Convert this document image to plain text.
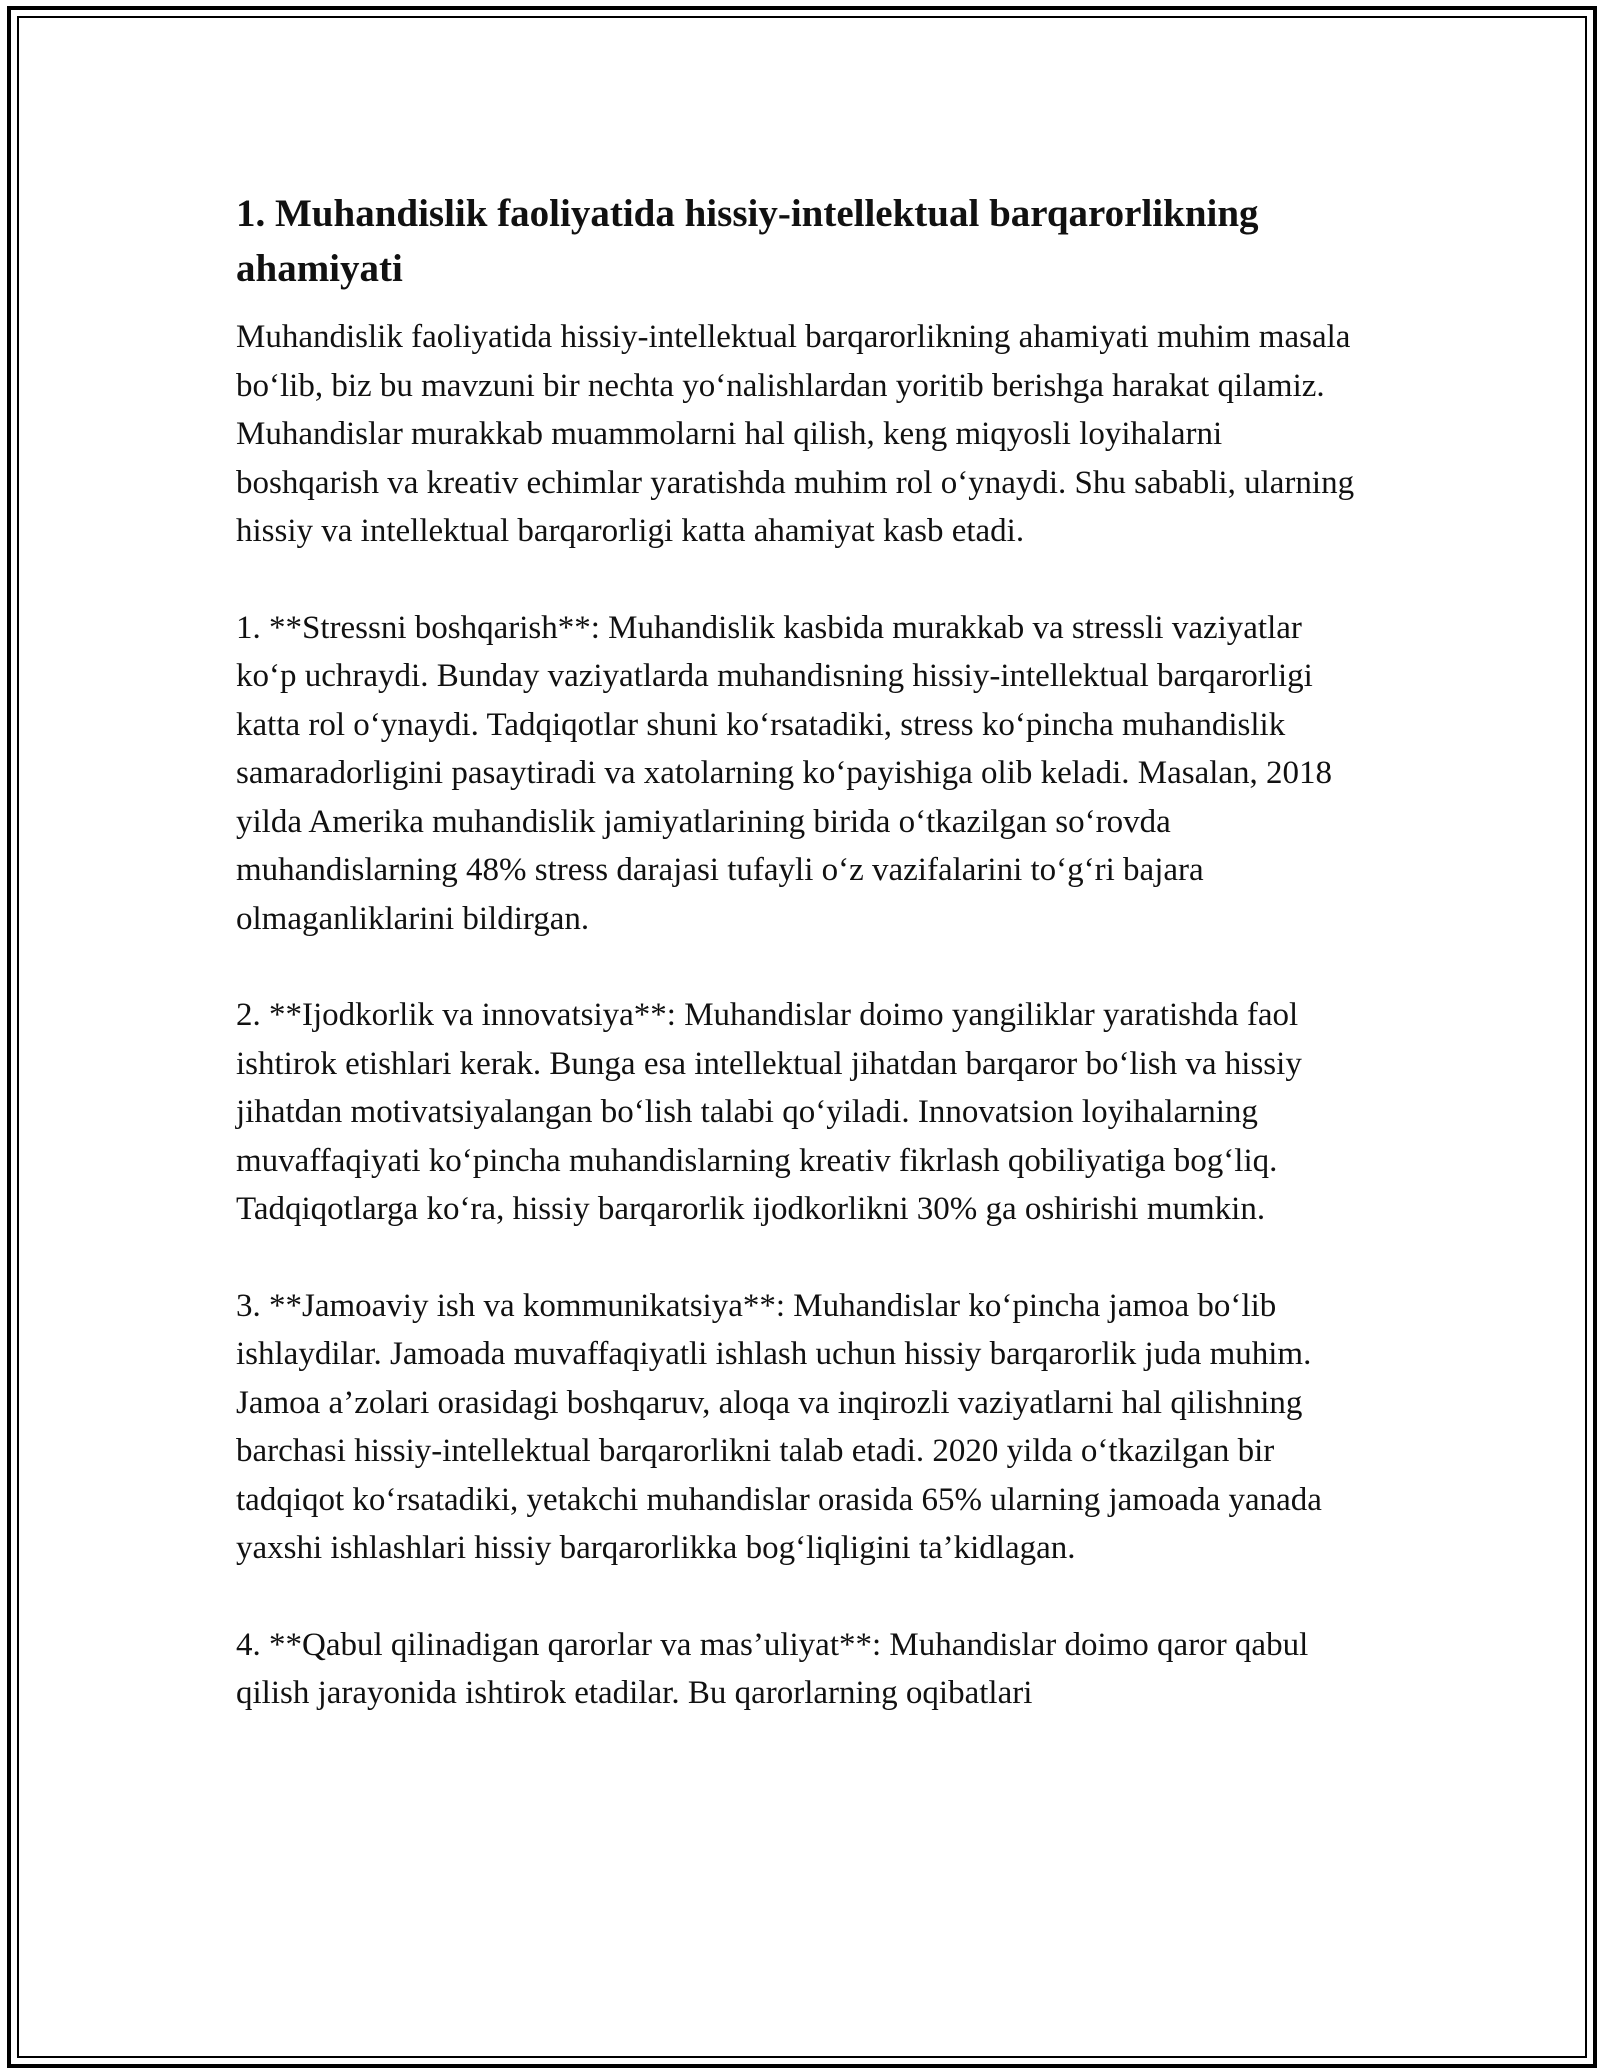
1. Muhandislik faoliyatida hissiy-intellektual barqarorlikning ahamiyati

Muhandislik faoliyatida hissiy-intellektual barqarorlikning ahamiyati muhim masala bo‘lib, biz bu mavzuni bir nechta yo‘nalishlardan yoritib berishga harakat qilamiz. Muhandislar murakkab muammolarni hal qilish, keng miqyosli loyihalarni boshqarish va kreativ echimlar yaratishda muhim rol o‘ynaydi. Shu sababli, ularning hissiy va intellektual barqarorligi katta ahamiyat kasb etadi.

1. **Stressni boshqarish**: Muhandislik kasbida murakkab va stressli vaziyatlar ko‘p uchraydi. Bunday vaziyatlarda muhandisning hissiy-intellektual barqarorligi katta rol o‘ynaydi. Tadqiqotlar shuni ko‘rsatadiki, stress ko‘pincha muhandislik samaradorligini pasaytiradi va xatolarning ko‘payishiga olib keladi. Masalan, 2018 yilda Amerika muhandislik jamiyatlarining birida o‘tkazilgan so‘rovda muhandislarning 48% stress darajasi tufayli o‘z vazifalarini to‘g‘ri bajara olmaganliklarini bildirgan.

2. **Ijodkorlik va innovatsiya**: Muhandislar doimo yangiliklar yaratishda faol ishtirok etishlari kerak. Bunga esa intellektual jihatdan barqaror bo‘lish va hissiy jihatdan motivatsiyalangan bo‘lish talabi qo‘yiladi. Innovatsion loyihalarning muvaffaqiyati ko‘pincha muhandislarning kreativ fikrlash qobiliyatiga bog‘liq. Tadqiqotlarga ko‘ra, hissiy barqarorlik ijodkorlikni 30% ga oshirishi mumkin.

3. **Jamoaviy ish va kommunikatsiya**: Muhandislar ko‘pincha jamoa bo‘lib ishlaydilar. Jamoada muvaffaqiyatli ishlash uchun hissiy barqarorlik juda muhim. Jamoa a’zolari orasidagi boshqaruv, aloqa va inqirozli vaziyatlarni hal qilishning barchasi hissiy-intellektual barqarorlikni talab etadi. 2020 yilda o‘tkazilgan bir tadqiqot ko‘rsatadiki, yetakchi muhandislar orasida 65% ularning jamoada yanada yaxshi ishlashlari hissiy barqarorlikka bog‘liqligini ta’kidlagan.

4. **Qabul qilinadigan qarorlar va mas’uliyat**: Muhandislar doimo qaror qabul qilish jarayonida ishtirok etadilar. Bu qarorlarning oqibatlari
